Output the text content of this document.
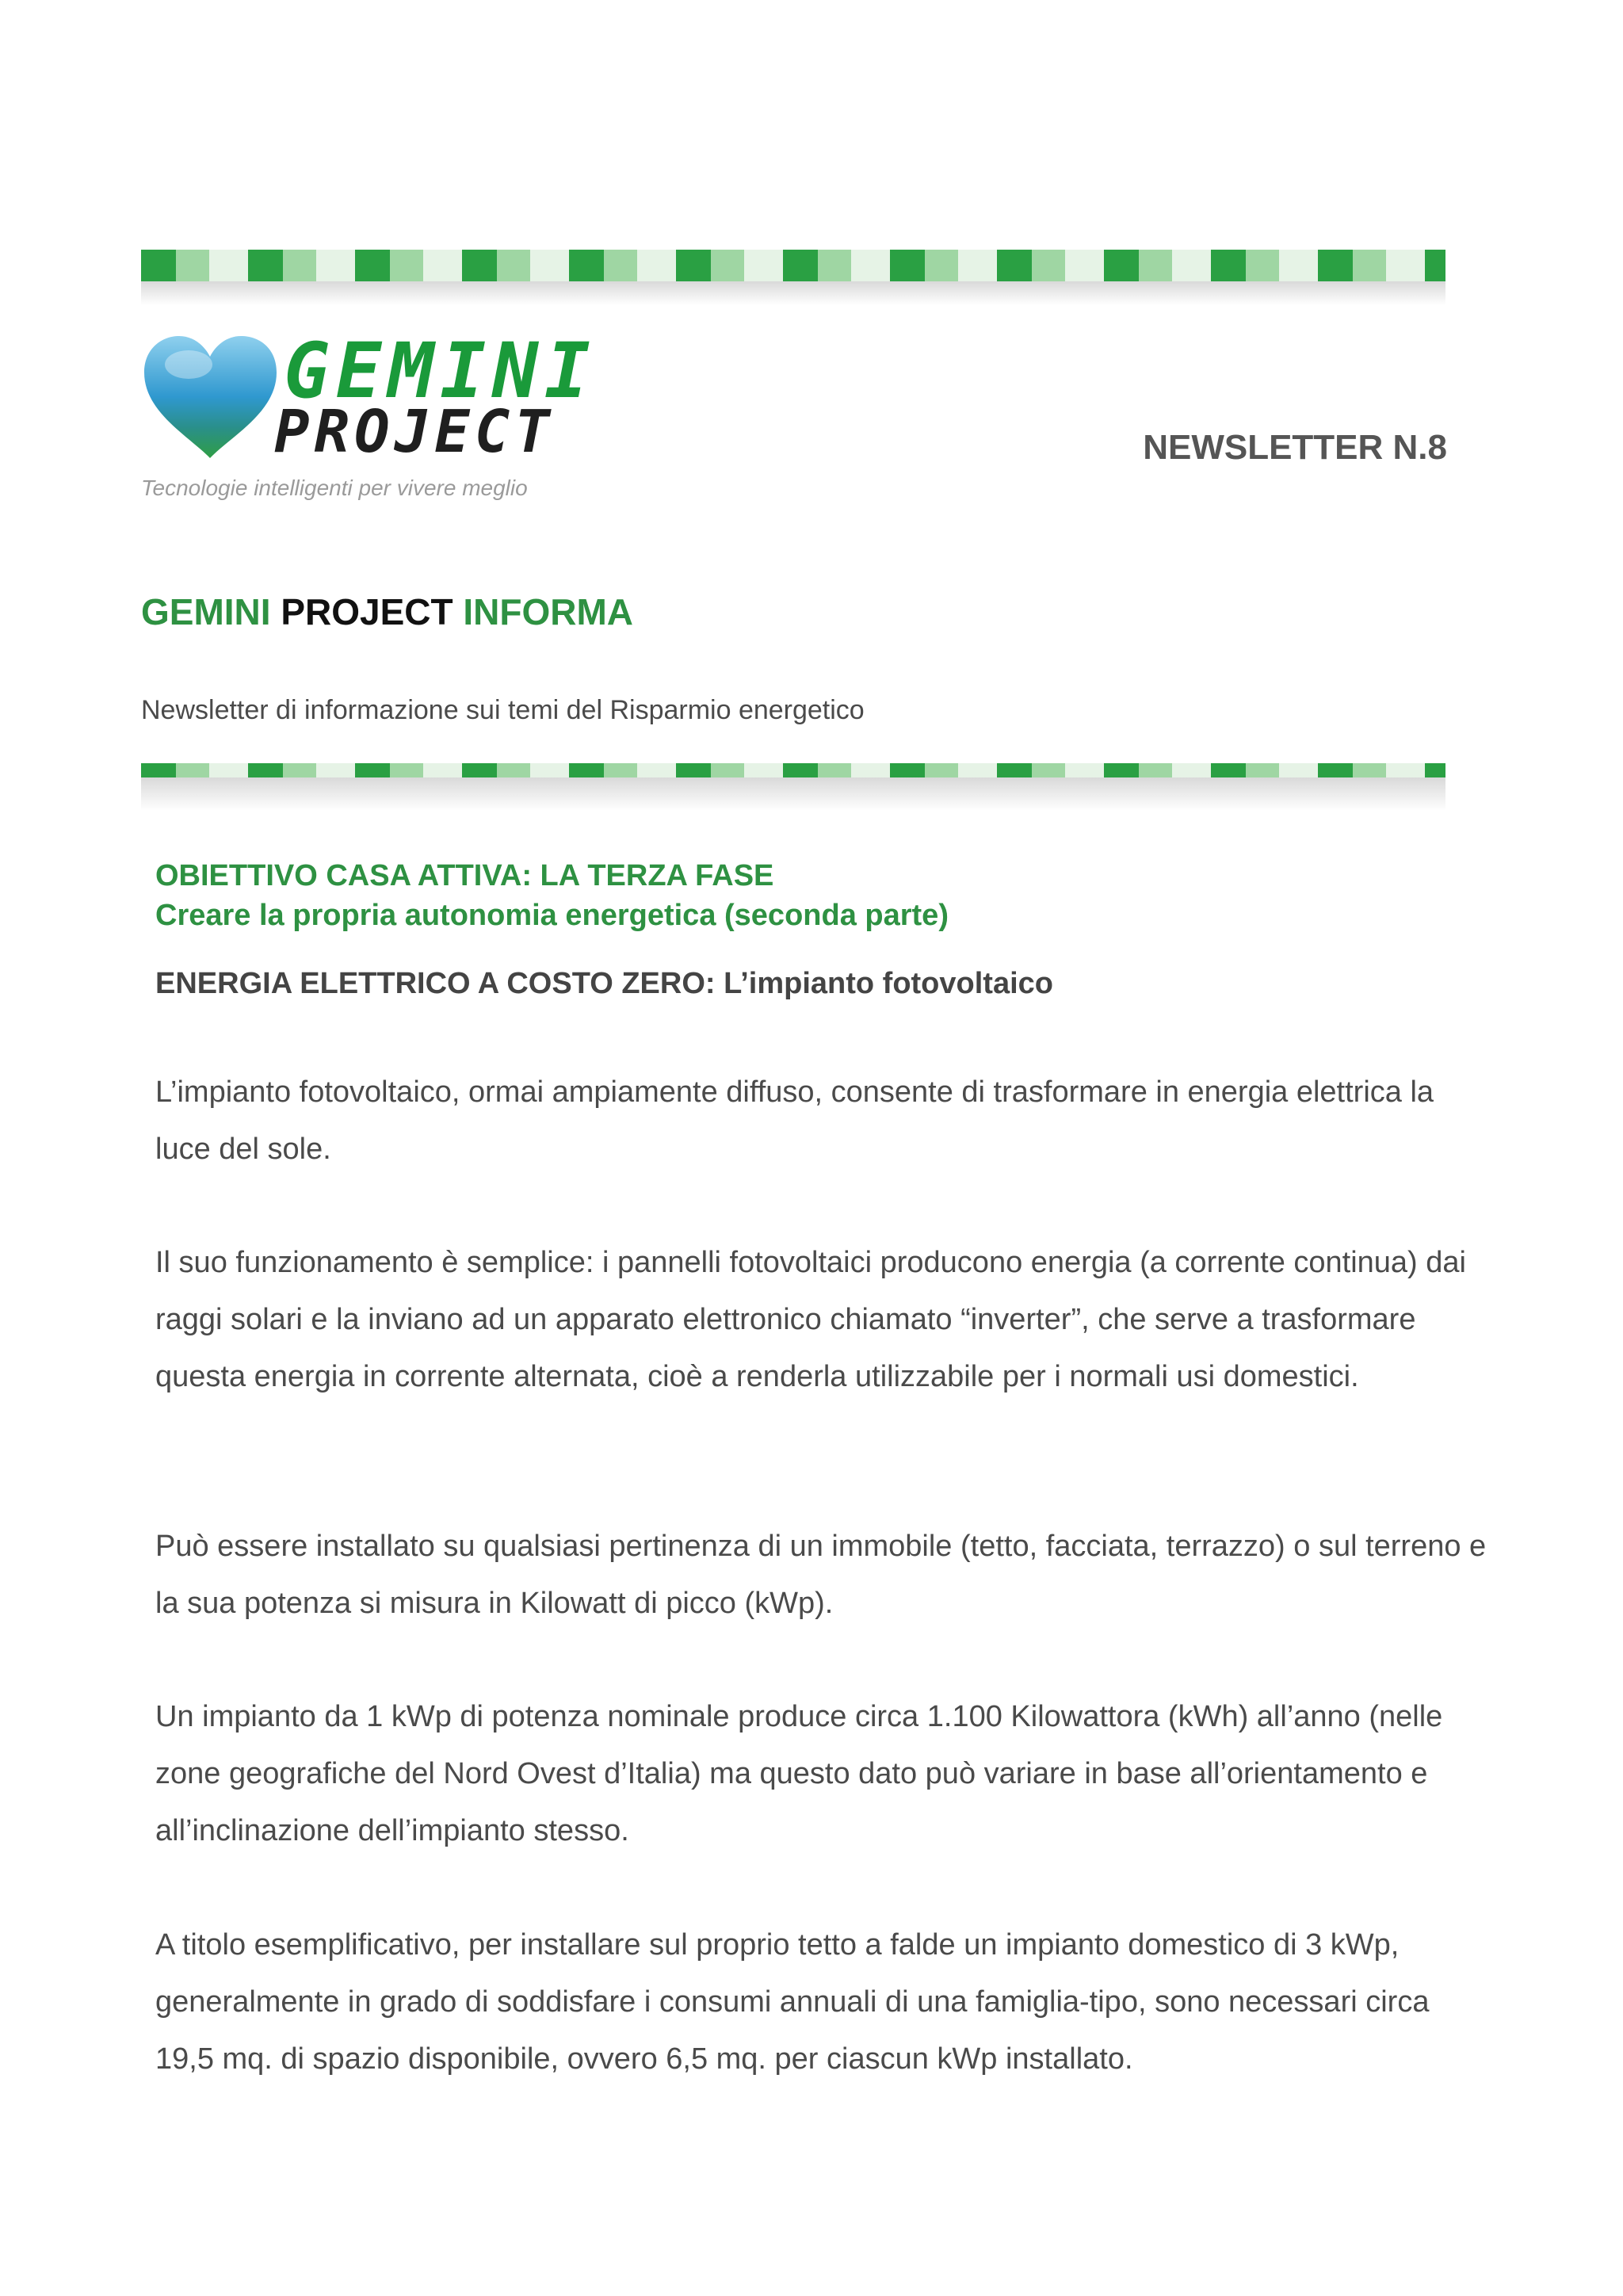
GEMINI
PROJECT
Tecnologie intelligenti per vivere meglio
NEWSLETTER N.8
GEMINI PROJECT INFORMA
Newsletter di informazione sui temi del Risparmio energetico
OBIETTIVO CASA ATTIVA: LA TERZA FASE
Creare la propria autonomia energetica (seconda parte)
ENERGIA ELETTRICO A COSTO ZERO: L’impianto fotovoltaico

L’impianto fotovoltaico, ormai ampiamente diffuso, consente di trasformare in energia elettrica la luce del sole.

Il suo funzionamento è semplice: i pannelli fotovoltaici producono energia (a corrente continua) dai raggi solari e la inviano ad un apparato elettronico chiamato “inverter”, che serve a trasformare questa energia in corrente alternata, cioè a renderla utilizzabile per i normali usi domestici.

Può essere installato su qualsiasi pertinenza di un immobile (tetto, facciata, terrazzo) o sul terreno e la sua potenza si misura in Kilowatt di picco (kWp).

Un impianto da 1 kWp di potenza nominale produce circa 1.100 Kilowattora (kWh) all’anno (nelle zone geografiche del Nord Ovest d’Italia) ma questo dato può variare in base all’orientamento e all’inclinazione dell’impianto stesso.

A titolo esemplificativo, per installare sul proprio tetto a falde un impianto domestico di 3 kWp, generalmente in grado di soddisfare i consumi annuali di una famiglia-tipo, sono necessari circa 19,5 mq. di spazio disponibile, ovvero 6,5 mq. per ciascun kWp installato.
